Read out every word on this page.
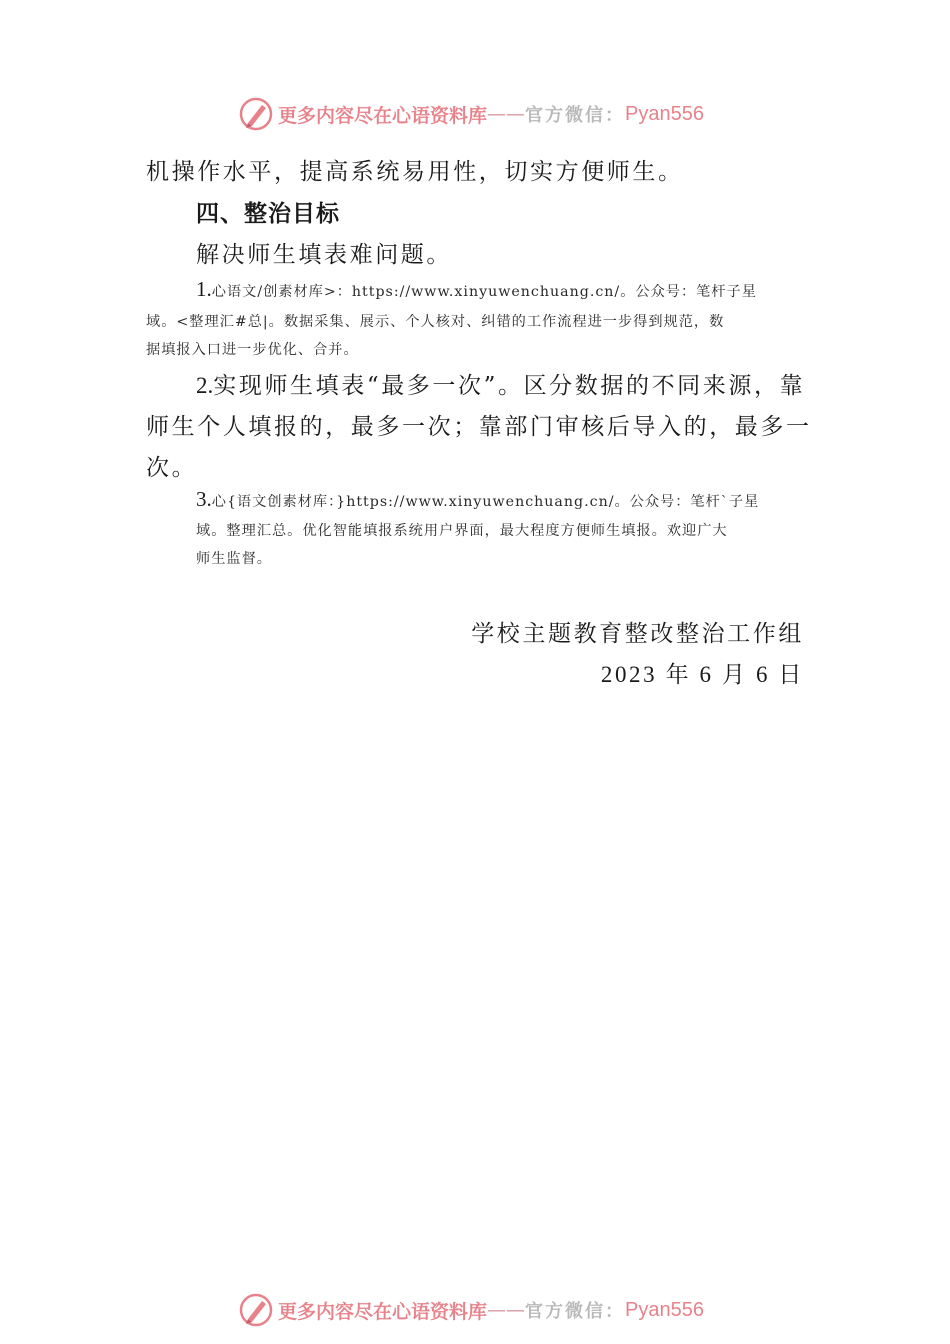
更多内容尽在心语资料库 —— 官方微信： Pyan556
机操作水平，提高系统易用性，切实方便师生。
四、整治目标
解决师生填表难问题。
1.心语文/创素材库>：https://www.xinyuwenchuang.cn/。公众号：笔杆子星
域。<整理汇#总|。数据采集、展示、个人核对、纠错的工作流程进一步得到规范，数
据填报入口进一步优化、合并。
2.实现师生填表“最多一次”。区分数据的不同来源，靠
师生个人填报的，最多一次；靠部门审核后导入的，最多一
次。
3.心{语文创素材库：}https://www.xinyuwenchuang.cn/。公众号：笔杆`子星
域。整理汇总。优化智能填报系统用户界面，最大程度方便师生填报。欢迎广大
师生监督。
学校主题教育整改整治工作组
2023 年 6 月 6 日
更多内容尽在心语资料库 —— 官方微信： Pyan556
